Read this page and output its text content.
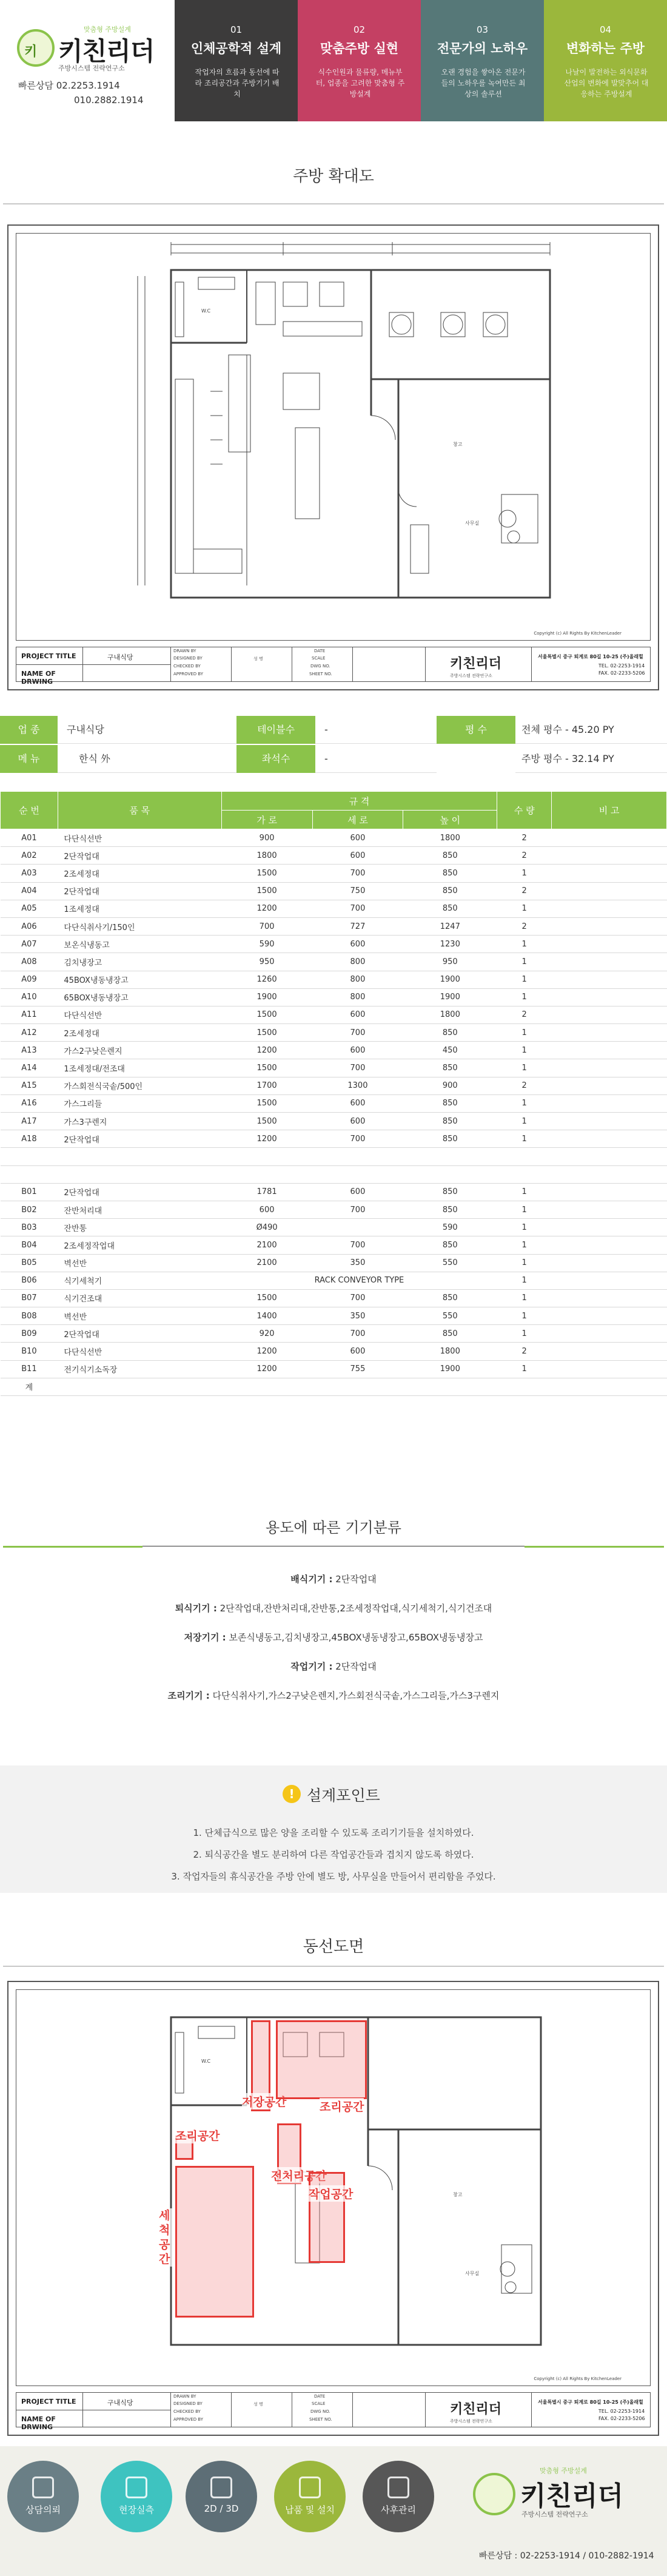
키
맞춤형 주방설계
키친리더
주방시스템 전략연구소
빠른상담 02.2253.1914
010.2882.1914
01
인체공학적 설계
작업자의 흐름과 동선에 따라 조리공간과 주방기기 배치
02
맞춤주방 실현
식수인원과 물류량, 메뉴부터, 업종을 고려한 맞춤형 주방설계
03
전문가의 노하우
오랜 경험을 쌓아온 전문가들의 노하우를 녹여만든 최상의 솔루션
04
변화하는 주방
나날이 발전하는 외식문화 산업의 변화에 발맞추어 대응하는 주방설계
주방 확대도
W.C
창고
사무실
PROJECT TITLE
NAME OF DRWING
구내식당
DRAWN BY
DESIGNED BY
CHECKED BY
APPROVED BY
성 명
DATE
SCALE
DWG NO.
SHEET NO.
키친리더
주방시스템 전략연구소
서울특별시 중구 퇴계로 80길 10-25 (주)올래힐
TEL. 02-2253-1914
FAX. 02-2233-5206
Copyright (c) All Rights By KitchenLeader
업 종	구내식당	테이블수	-	평 수	전체 평수 - 45.20 PY
메 뉴	한식 外	좌석수	-	주방 평수 - 32.14 PY
순 번	품 목	규 격			수 량	비 고
		가 로	세 로	높 이		
A01	다단식선반	900	600	1800	2	
A02	2단작업대	1800	600	850	2	
A03	2조세정대	1500	700	850	1	
A04	2단작업대	1500	750	850	2	
A05	1조세정대	1200	700	850	1	
A06	다단식취사기/150인	700	727	1247	2	
A07	보온식냉동고	590	600	1230	1	
A08	김치냉장고	950	800	950	1	
A09	45BOX냉동냉장고	1260	800	1900	1	
A10	65BOX냉동냉장고	1900	800	1900	1	
A11	다단식선반	1500	600	1800	2	
A12	2조세정대	1500	700	850	1	
A13	가스2구낮은렌지	1200	600	450	1	
A14	1조세정대/전조대	1500	700	850	1	
A15	가스회전식국솥/500인	1700	1300	900	2	
A16	가스그리들	1500	600	850	1	
A17	가스3구렌지	1500	600	850	1	
A18	2단작업대	1200	700	850	1	

B01	2단작업대	1781	600	850	1	
B02	잔반처리대	600	700	850	1	
B03	잔반통	Ø490		590	1	
B04	2조세정작업대	2100	700	850	1	
B05	벽선반	2100	350	550	1	
B06	식기세척기	RACK CONVEYOR TYPE			1	
B07	식기건조대	1500	700	850	1	
B08	벽선반	1400	350	550	1	
B09	2단작업대	920	700	850	1	
B10	다단식선반	1200	600	1800	2	
B11	전기식기소독장	1200	755	1900	1	
계						
용도에 따른 기기분류
배식기기 : 2단작업대
퇴식기기 : 2단작업대,잔반처리대,잔반통,2조세정작업대,식기세척기,식기건조대
저장기기 : 보존식냉동고,김치냉장고,45BOX냉동냉장고,65BOX냉동냉장고
작업기기 : 2단작업대
조리기기 : 다단식취사기,가스2구낮은렌지,가스회전식국솥,가스그리들,가스3구렌지
! 설계포인트
1. 단체급식으로 많은 양을 조리할 수 있도록 조리기기들을 설치하였다.
2. 퇴식공간을 별도 분리하여 다른 작업공간들과 겹치지 않도록 하였다.
3. 작업자들의 휴식공간을 주방 안에 별도 방, 사무실을 만들어서 편리함을 주었다.
동선도면
W.C
창고
사무실
저장공간	조리공간
전처리공간
작업공간
조리공간
세척공간
PROJECT TITLE
NAME OF DRWING
구내식당
DRAWN BY
DESIGNED BY
CHECKED BY
APPROVED BY
성 명
DATE
SCALE
DWG NO.
SHEET NO.
키친리더
주방시스템 전략연구소
서울특별시 중구 퇴계로 80길 10-25 (주)올래힐
TEL. 02-2253-1914
FAX. 02-2233-5206
Copyright (c) All Rights By KitchenLeader
상담의뢰	현장실측	2D / 3D	납품 및 설치	사후관리
맞춤형 주방설계
키친리더
주방시스템 전략연구소
빠른상담 : 02-2253-1914 / 010-2882-1914
